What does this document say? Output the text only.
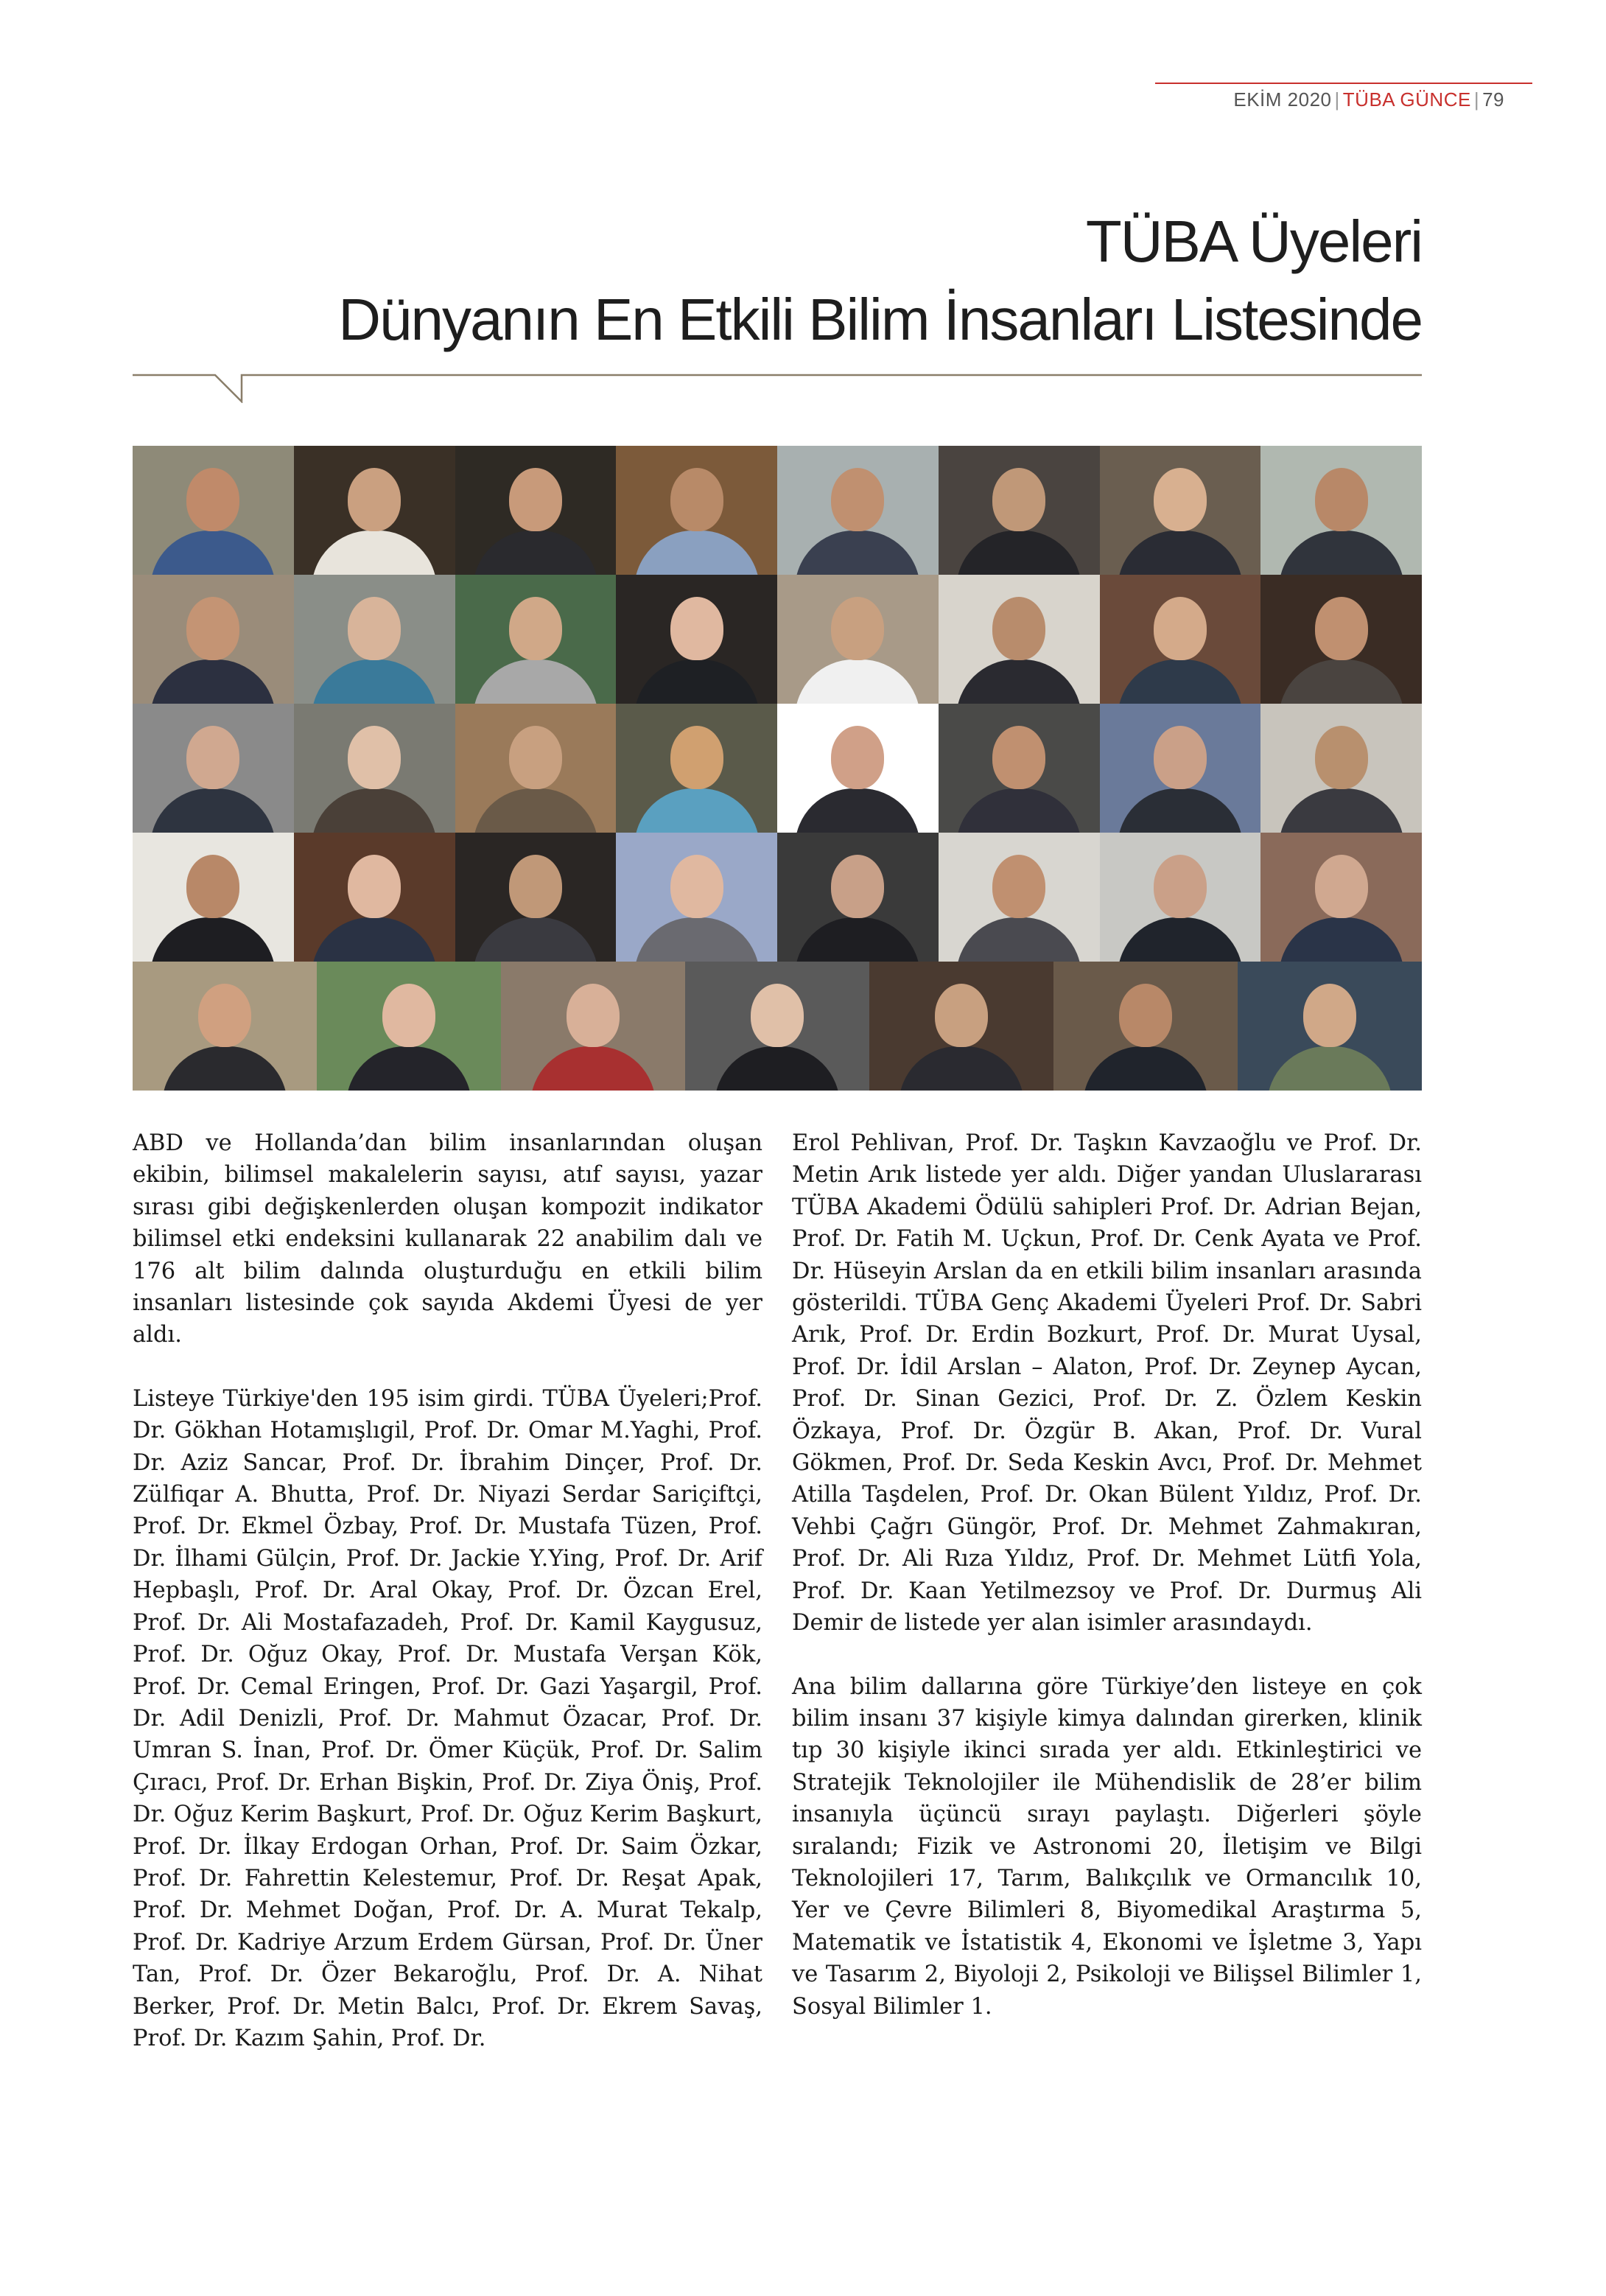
EKİM 2020 | TÜBA GÜNCE | 79
TÜBA Üyeleri
Dünyanın En Etkili Bilim İnsanları Listesinde

ABD ve Hollanda’dan bilim insanlarından oluşan ekibin, bilimsel makalelerin sayısı, atıf sayısı, yazar sırası gibi değişkenlerden oluşan kompozit indikator bilimsel etki endeksini kullanarak 22 anabilim dalı ve 176 alt bilim dalında oluşturduğu en etkili bilim insanları listesinde çok sayıda Akdemi Üyesi de yer aldı.

Listeye Türkiye'den 195 isim girdi. TÜBA Üyeleri;Prof. Dr. Gökhan Hotamışlıgil, Prof. Dr. Omar M.Yaghi, Prof. Dr. Aziz Sancar, Prof. Dr. İbrahim Dinçer, Prof. Dr. Zülfiqar A. Bhutta, Prof. Dr. Niyazi Serdar Sariçiftçi, Prof. Dr. Ekmel Özbay, Prof. Dr. Mustafa Tüzen, Prof. Dr. İlhami Gülçin, Prof. Dr. Jackie Y.Ying, Prof. Dr. Arif Hepbaşlı, Prof. Dr. Aral Okay, Prof. Dr. Özcan Erel, Prof. Dr. Ali Mostafazadeh, Prof. Dr. Kamil Kaygusuz, Prof. Dr. Oğuz Okay, Prof. Dr. Mustafa Verşan Kök, Prof. Dr. Cemal Eringen, Prof. Dr. Gazi Yaşargil, Prof. Dr. Adil Denizli, Prof. Dr. Mahmut Özacar, Prof. Dr. Umran S. İnan, Prof. Dr. Ömer Küçük, Prof. Dr. Salim Çıracı, Prof. Dr. Erhan Bişkin, Prof. Dr. Ziya Öniş, Prof. Dr. Oğuz Kerim Başkurt, Prof. Dr. Oğuz Kerim Başkurt, Prof. Dr. İlkay Erdogan Orhan, Prof. Dr. Saim Özkar, Prof. Dr. Fahrettin Kelestemur, Prof. Dr. Reşat Apak, Prof. Dr. Mehmet Doğan, Prof. Dr. A. Murat Tekalp, Prof. Dr. Kadriye Arzum Erdem Gürsan, Prof. Dr. Üner Tan, Prof. Dr. Özer Bekaroğlu, Prof. Dr. A. Nihat Berker, Prof. Dr. Metin Balcı, Prof. Dr. Ekrem Savaş, Prof. Dr. Kazım Şahin, Prof. Dr.

Erol Pehlivan, Prof. Dr. Taşkın Kavzaoğlu ve Prof. Dr. Metin Arık listede yer aldı. Diğer yandan Uluslararası TÜBA Akademi Ödülü sahipleri Prof. Dr. Adrian Bejan, Prof. Dr. Fatih M. Uçkun, Prof. Dr. Cenk Ayata ve Prof. Dr. Hüseyin Arslan da en etkili bilim insanları arasında gösterildi. TÜBA Genç Akademi Üyeleri Prof. Dr. Sabri Arık, Prof. Dr. Erdin Bozkurt, Prof. Dr. Murat Uysal, Prof. Dr. İdil Arslan – Alaton, Prof. Dr. Zeynep Aycan, Prof. Dr. Sinan Gezici, Prof. Dr. Z. Özlem Keskin Özkaya, Prof. Dr. Özgür B. Akan, Prof. Dr. Vural Gökmen, Prof. Dr. Seda Keskin Avcı, Prof. Dr. Mehmet Atilla Taşdelen, Prof. Dr. Okan Bülent Yıldız, Prof. Dr. Vehbi Çağrı Güngör, Prof. Dr. Mehmet Zahmakıran, Prof. Dr. Ali Rıza Yıldız, Prof. Dr. Mehmet Lütfi Yola, Prof. Dr. Kaan Yetilmezsoy ve Prof. Dr. Durmuş Ali Demir de listede yer alan isimler arasındaydı.

Ana bilim dallarına göre Türkiye’den listeye en çok bilim insanı 37 kişiyle kimya dalından girerken, klinik tıp 30 kişiyle ikinci sırada yer aldı. Etkinleştirici ve Stratejik Teknolojiler ile Mühendislik de 28’er bilim insanıyla üçüncü sırayı paylaştı. Diğerleri şöyle sıralandı; Fizik ve Astronomi 20, İletişim ve Bilgi Teknolojileri 17, Tarım, Balıkçılık ve Ormancılık 10, Yer ve Çevre Bilimleri 8, Biyomedikal Araştırma 5, Matematik ve İstatistik 4, Ekonomi ve İşletme 3, Yapı ve Tasarım 2, Biyoloji 2, Psikoloji ve Bilişsel Bilimler 1, Sosyal Bilimler 1.
